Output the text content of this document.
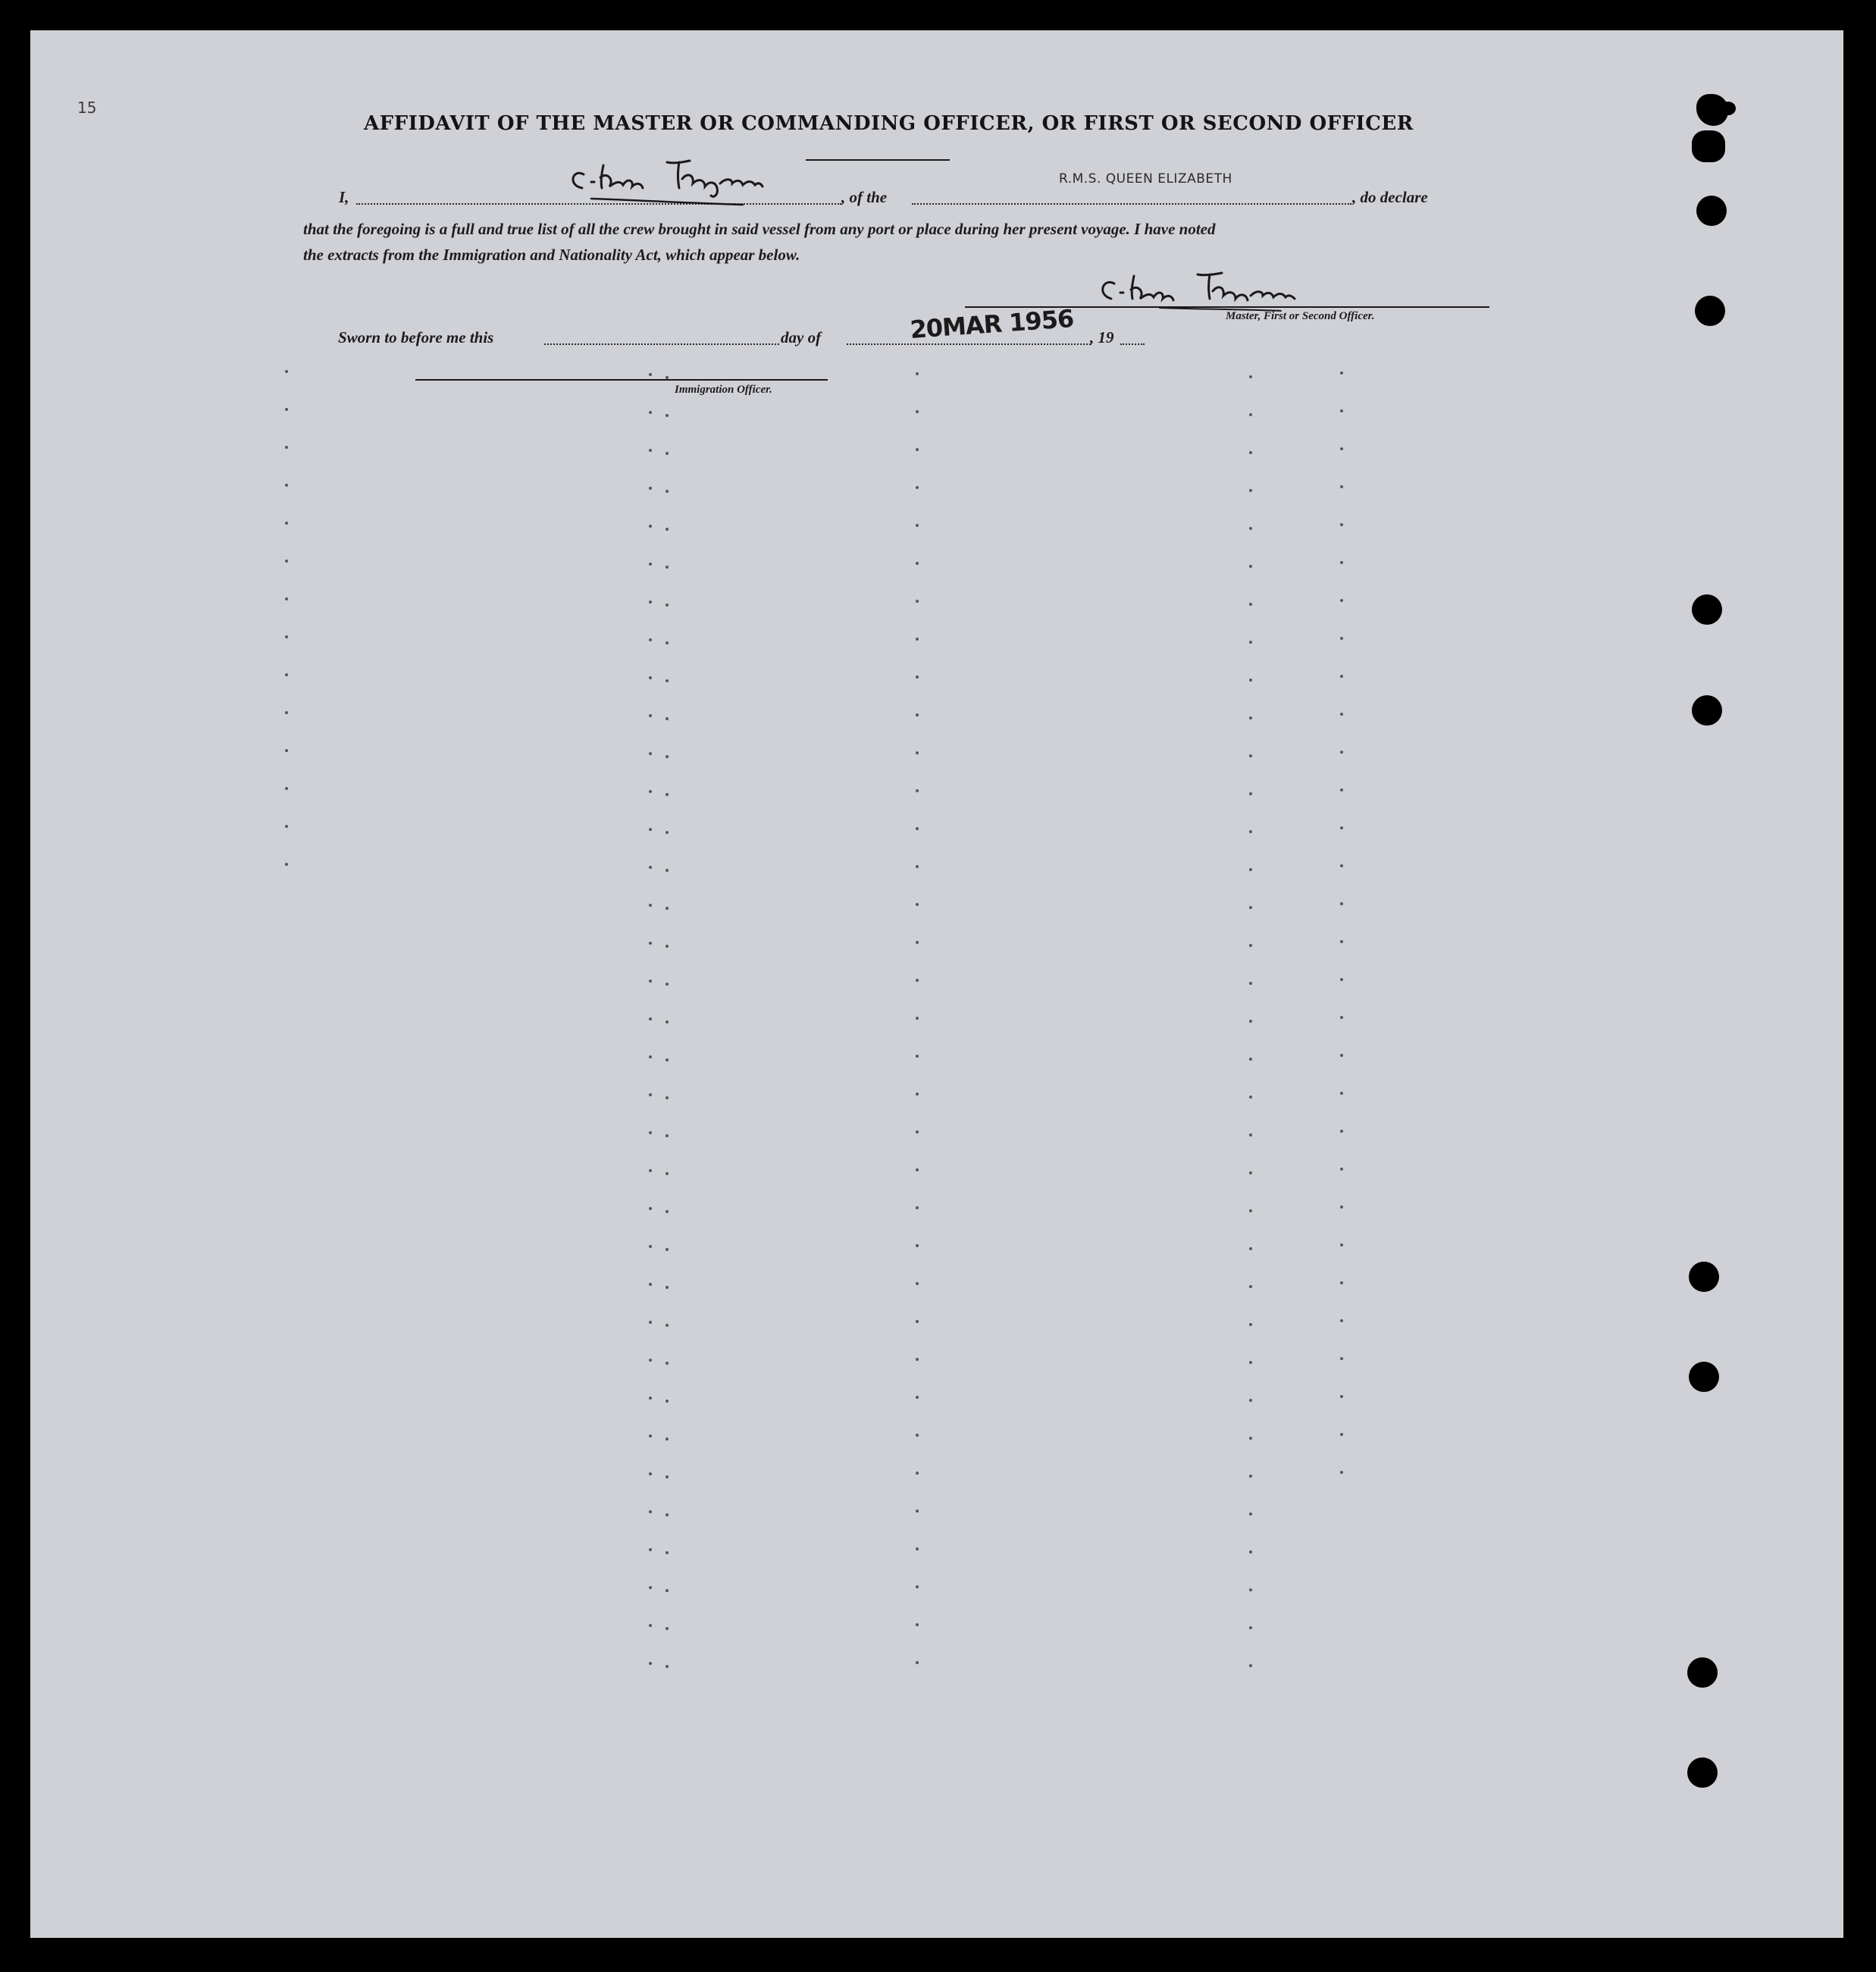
15
AFFIDAVIT OF THE MASTER OR COMMANDING OFFICER, OR FIRST OR SECOND OFFICER
I,	, of the
R.M.S. QUEEN ELIZABETH
, do declare
that the foregoing is a full and true list of all the crew brought in said vessel from any port or place during her present voyage. I have noted
the extracts from the Immigration and Nationality Act, which appear below.
Master, First or Second Officer.
Sworn to before me this	day of	20MAR 1956 , 19
Immigration Officer.
